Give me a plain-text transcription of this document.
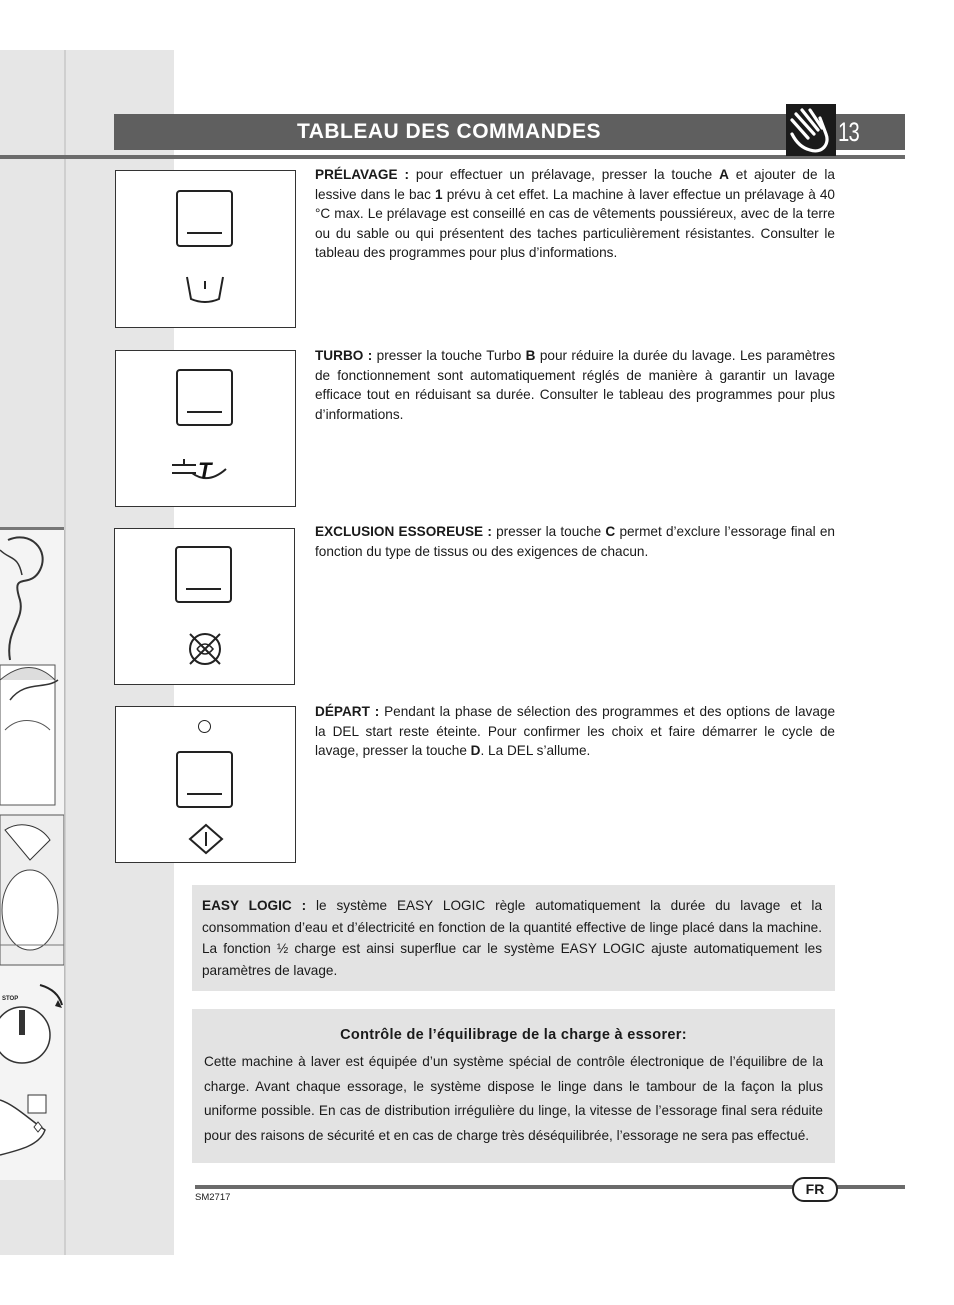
STOP
TABLEAU DES COMMANDES	13
PRÉLAVAGE : pour effectuer un prélavage, presser la touche A et ajouter de la lessive dans le bac 1 prévu à cet effet. La machine à laver effectue un prélavage à 40 °C max. Le prélavage est conseillé en cas de vêtements poussiéreux, avec de la terre ou du sable ou qui présentent des taches particulièrement résistantes. Consulter le tableau des programmes pour plus d’informations.
T
TURBO : presser la touche Turbo B pour réduire la durée du lavage. Les paramètres de fonctionnement sont automatiquement réglés de manière à garantir un lavage efficace tout en réduisant sa durée. Consulter le tableau des programmes pour plus d’informations.
EXCLUSION ESSOREUSE : presser la touche C permet d’exclure l’essorage final en fonction du type de tissus ou des exigences de chacun.
DÉPART : Pendant la phase de sélection des programmes et des options de lavage la DEL start reste éteinte. Pour confirmer les choix et faire démarrer le cycle de lavage, presser la touche D. La DEL s’allume.

EASY LOGIC : le système EASY LOGIC règle automatiquement la durée du lavage et la consommation d’eau et d’électricité en fonction de la quantité effective de linge placé dans la machine. La fonction ½ charge est ainsi superflue car le système EASY LOGIC ajuste automatiquement les paramètres de lavage.

Contrôle de l’équilibrage de la charge à essorer:
Cette machine à laver est équipée d’un système spécial de contrôle électronique de l’équilibre de la charge. Avant chaque essorage, le système dispose le linge dans le tambour de la façon la plus uniforme possible. En cas de distribution irrégulière du linge, la vitesse de l’essorage final sera réduite pour des raisons de sécurité et en cas de charge très déséquilibrée, l’essorage ne sera pas effectué.
FR
SM2717
